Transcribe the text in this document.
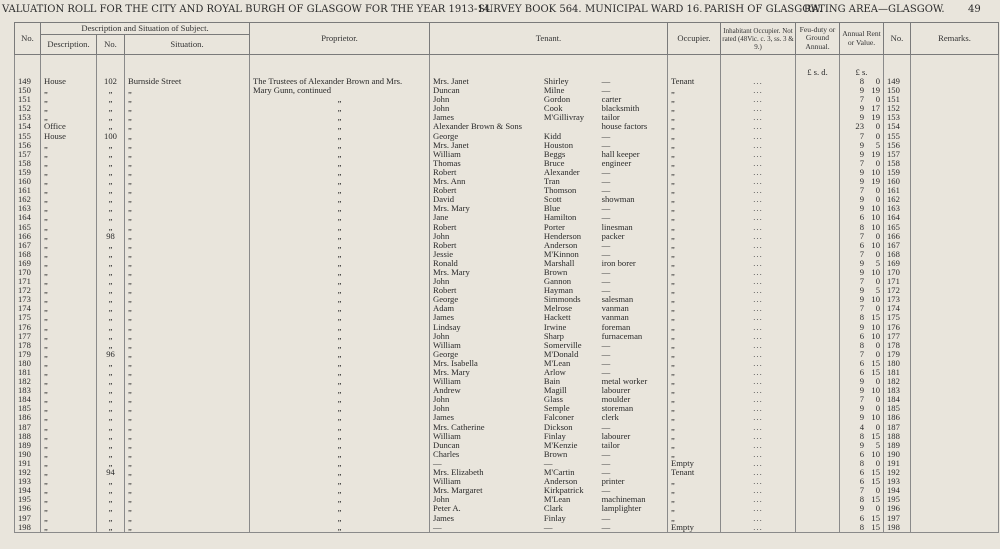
VALUATION ROLL FOR THE CITY AND ROYAL BURGH OF GLASGOW FOR THE YEAR 1913-14.
SURVEY BOOK 564. MUNICIPAL WARD 16. PARISH OF GLASGOW.
RATING AREA—GLASGOW. 49
No.	Description and Situation of Subject.			Proprietor.	Tenant.	Occupier.	Inhabitant Occupier. Not rated (48Vic. c. 3, ss. 3 & 9.)	Feu-duty or Ground Annual.	Annual Rent or Value.	No.	Remarks.
	Description.	No.	Situation.								
								£ s. d.	£ s.		
149	House	102	Burnside Street	The Trustees of Alexander Brown and Mrs.	Mrs. Janet Shirley —	Tenant	...		8 0	149	
150	„	„	„	Mary Gunn, continued	Duncan Milne —	„	...		9 19	150	
151	„	„	„	„	John Gordon carter	„	...		7 0	151	
152	„	„	„	„	John Cook blacksmith	„	...		9 17	152	
153	„	„	„	„	James M'Gillivray tailor	„	...		9 19	153	
154	Office	„	„	„	Alexander Brown & Sons house factors	„	...		23 0	154	
155	House	100	„	„	George Kidd —	„	...		7 0	155	
156	„	„	„	„	Mrs. Janet Houston —	„	...		9 5	156	
157	„	„	„	„	William Beggs hall keeper	„	...		9 19	157	
158	„	„	„	„	Thomas Bruce engineer	„	...		7 0	158	
159	„	„	„	„	Robert Alexander —	„	...		9 10	159	
160	„	„	„	„	Mrs. Ann Tran —	„	...		9 19	160	
161	„	„	„	„	Robert Thomson —	„	...		7 0	161	
162	„	„	„	„	David Scott showman	„	...		9 0	162	
163	„	„	„	„	Mrs. Mary Blue —	„	...		9 10	163	
164	„	„	„	„	Jane Hamilton —	„	...		6 10	164	
165	„	„	„	„	Robert Porter linesman	„	...		8 10	165	
166	„	98	„	„	John Henderson packer	„	...		7 0	166	
167	„	„	„	„	Robert Anderson —	„	...		6 10	167	
168	„	„	„	„	Jessie M'Kinnon —	„	...		7 0	168	
169	„	„	„	„	Ronald Marshall iron borer	„	...		9 5	169	
170	„	„	„	„	Mrs. Mary Brown —	„	...		9 10	170	
171	„	„	„	„	John Gannon —	„	...		7 0	171	
172	„	„	„	„	Robert Hayman —	„	...		9 5	172	
173	„	„	„	„	George Simmonds salesman	„	...		9 10	173	
174	„	„	„	„	Adam Melrose vanman	„	...		7 0	174	
175	„	„	„	„	James Hackett vanman	„	...		8 15	175	
176	„	„	„	„	Lindsay Irwine foreman	„	...		9 10	176	
177	„	„	„	„	John Sharp furnaceman	„	...		6 10	177	
178	„	„	„	„	William Somerville —	„	...		8 0	178	
179	„	96	„	„	George M'Donald —	„	...		7 0	179	
180	„	„	„	„	Mrs. Isabella M'Lean —	„	...		6 15	180	
181	„	„	„	„	Mrs. Mary Arlow —	„	...		6 15	181	
182	„	„	„	„	William Bain metal worker	„	...		9 0	182	
183	„	„	„	„	Andrew Magill labourer	„	...		9 10	183	
184	„	„	„	„	John Glass moulder	„	...		7 0	184	
185	„	„	„	„	John Semple storeman	„	...		9 0	185	
186	„	„	„	„	James Falconer clerk	„	...		9 10	186	
187	„	„	„	„	Mrs. Catherine Dickson —	„	...		4 0	187	
188	„	„	„	„	William Finlay labourer	„	...		8 15	188	
189	„	„	„	„	Duncan M'Kenzie tailor	„	...		9 5	189	
190	„	„	„	„	Charles Brown —	„	...		6 10	190	
191	„	„	„	„	— — —	Empty	...		8 0	191	
192	„	94	„	„	Mrs. Elizabeth M'Cartin —	Tenant	...		6 15	192	
193	„	„	„	„	William Anderson printer	„	...		6 15	193	
194	„	„	„	„	Mrs. Margaret Kirkpatrick —	„	...		7 0	194	
195	„	„	„	„	John M'Lean machineman	„	...		8 15	195	
196	„	„	„	„	Peter A. Clark lamplighter	„	...		9 0	196	
197	„	„	„	„	James Finlay —	„	...		6 15	197	
198	„	„	„	„	— — —	Empty	...		8 15	198	
